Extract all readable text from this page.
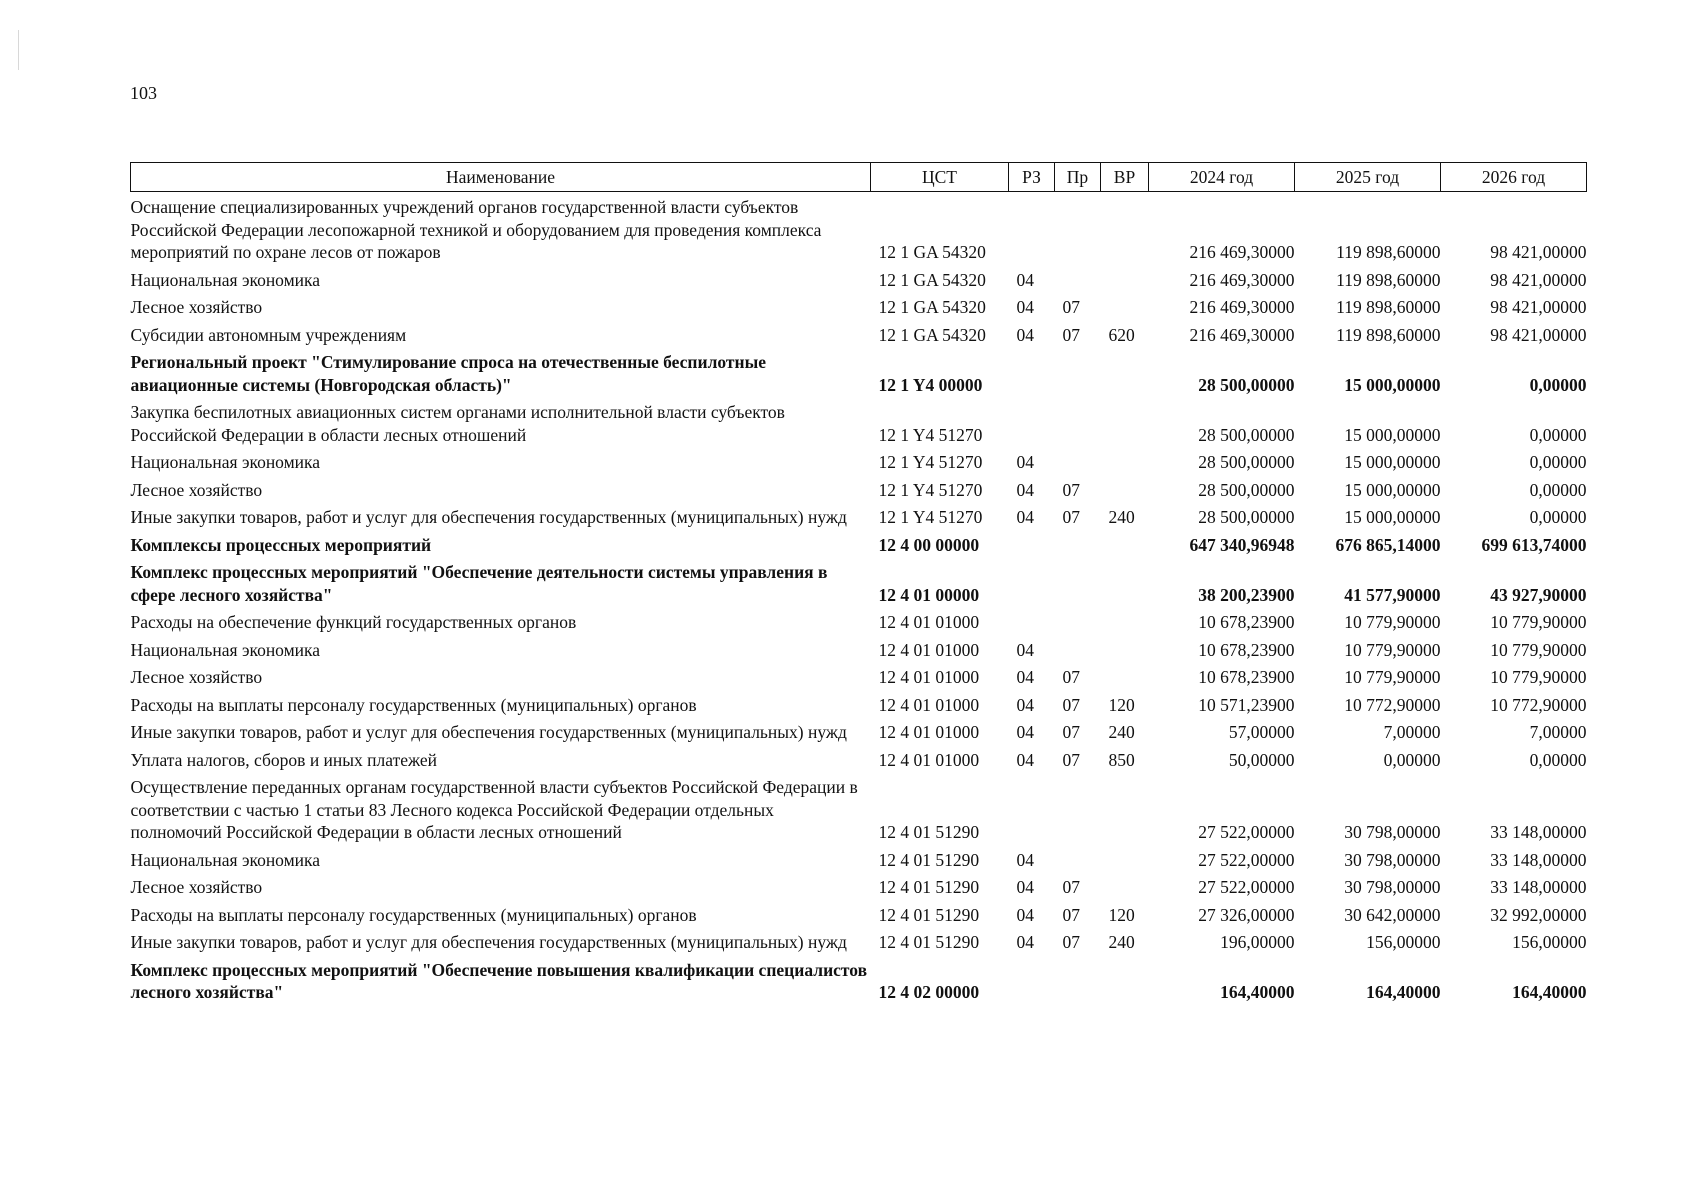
103
Наименование	ЦСТ	РЗ	Пр	ВР	2024 год	2025 год	2026 год
Оснащение специализированных учреждений органов государственной власти субъектов Российской Федерации лесопожарной техникой и оборудованием для проведения комплекса мероприятий по охране лесов от пожаров	12 1 GA 54320				216 469,30000	119 898,60000	98 421,00000
Национальная экономика	12 1 GA 54320	04			216 469,30000	119 898,60000	98 421,00000
Лесное хозяйство	12 1 GA 54320	04	07		216 469,30000	119 898,60000	98 421,00000
Субсидии автономным учреждениям	12 1 GA 54320	04	07	620	216 469,30000	119 898,60000	98 421,00000
Региональный проект "Стимулирование спроса на отечественные беспилотные авиационные системы (Новгородская область)"	12 1 Y4 00000				28 500,00000	15 000,00000	0,00000
Закупка беспилотных авиационных систем органами исполнительной власти субъектов Российской Федерации в области лесных отношений	12 1 Y4 51270				28 500,00000	15 000,00000	0,00000
Национальная экономика	12 1 Y4 51270	04			28 500,00000	15 000,00000	0,00000
Лесное хозяйство	12 1 Y4 51270	04	07		28 500,00000	15 000,00000	0,00000
Иные закупки товаров, работ и услуг для обеспечения государственных (муниципальных) нужд	12 1 Y4 51270	04	07	240	28 500,00000	15 000,00000	0,00000
Комплексы процессных мероприятий	12 4 00 00000				647 340,96948	676 865,14000	699 613,74000
Комплекс процессных мероприятий "Обеспечение деятельности системы управления в сфере лесного хозяйства"	12 4 01 00000				38 200,23900	41 577,90000	43 927,90000
Расходы на обеспечение функций государственных органов	12 4 01 01000				10 678,23900	10 779,90000	10 779,90000
Национальная экономика	12 4 01 01000	04			10 678,23900	10 779,90000	10 779,90000
Лесное хозяйство	12 4 01 01000	04	07		10 678,23900	10 779,90000	10 779,90000
Расходы на выплаты персоналу государственных (муниципальных) органов	12 4 01 01000	04	07	120	10 571,23900	10 772,90000	10 772,90000
Иные закупки товаров, работ и услуг для обеспечения государственных (муниципальных) нужд	12 4 01 01000	04	07	240	57,00000	7,00000	7,00000
Уплата налогов, сборов и иных платежей	12 4 01 01000	04	07	850	50,00000	0,00000	0,00000
Осуществление переданных органам государственной власти субъектов Российской Федерации в соответствии с частью 1 статьи 83 Лесного кодекса Российской Федерации отдельных полномочий Российской Федерации в области лесных отношений	12 4 01 51290				27 522,00000	30 798,00000	33 148,00000
Национальная экономика	12 4 01 51290	04			27 522,00000	30 798,00000	33 148,00000
Лесное хозяйство	12 4 01 51290	04	07		27 522,00000	30 798,00000	33 148,00000
Расходы на выплаты персоналу государственных (муниципальных) органов	12 4 01 51290	04	07	120	27 326,00000	30 642,00000	32 992,00000
Иные закупки товаров, работ и услуг для обеспечения государственных (муниципальных) нужд	12 4 01 51290	04	07	240	196,00000	156,00000	156,00000
Комплекс процессных мероприятий "Обеспечение повышения квалификации специалистов лесного хозяйства"	12 4 02 00000				164,40000	164,40000	164,40000
